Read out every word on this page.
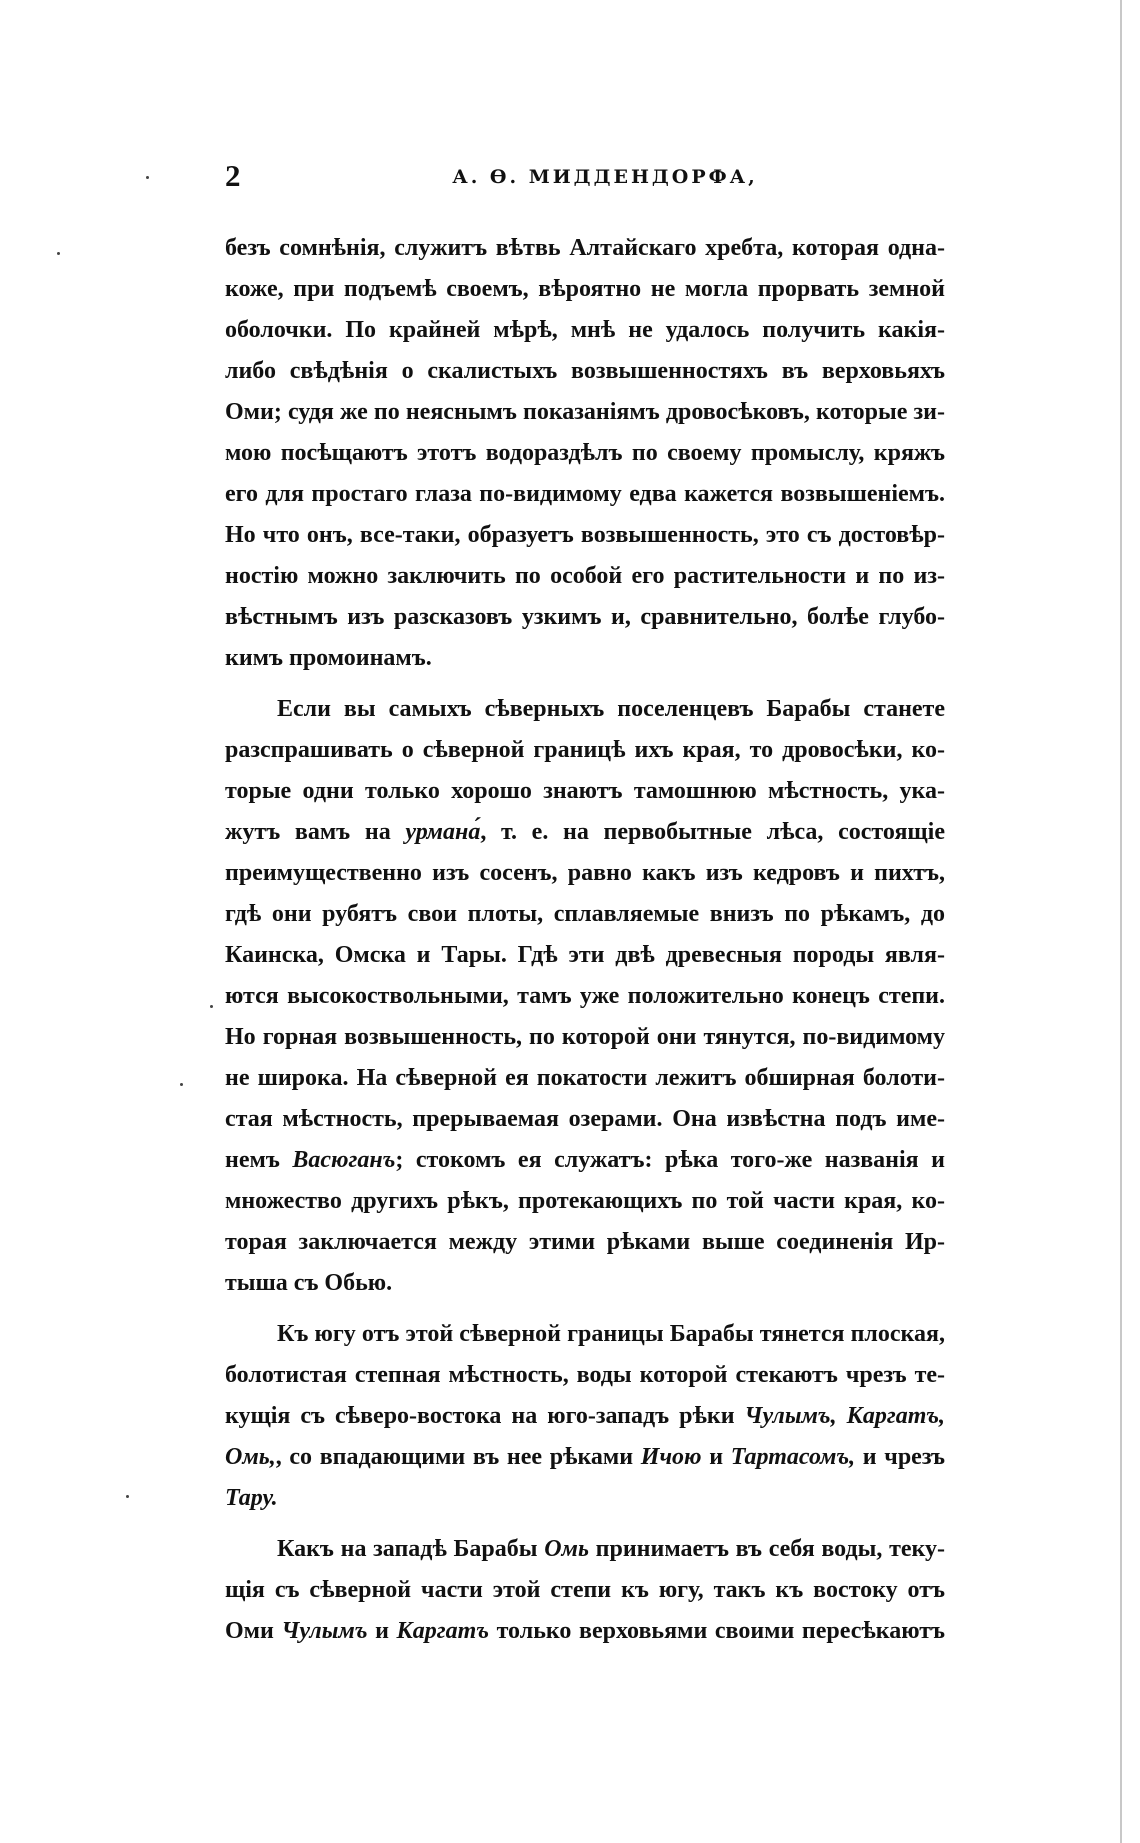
2	А. Ѳ. МИДДЕНДОРФА,

безъ сомнѣнія, служитъ вѣтвь Алтайскаго хребта, которая одна-
коже, при подъемѣ своемъ, вѣроятно не могла прорвать земной
оболочки. По крайней мѣрѣ, мнѣ не удалось получить какія-
либо свѣдѣнія о скалистыхъ возвышенностяхъ въ верховьяхъ
Оми; судя же по неяснымъ показаніямъ дровосѣковъ, которые зи-
мою посѣщаютъ этотъ водораздѣлъ по своему промыслу, кряжъ
его для простаго глаза по-видимому едва кажется возвышеніемъ.
Но что онъ, все-таки, образуетъ возвышенность, это съ достовѣр-
ностію можно заключить по особой его растительности и по из-
вѣстнымъ изъ разсказовъ узкимъ и, сравнительно, болѣе глубо-
кимъ промоинамъ.

Если вы самыхъ сѣверныхъ поселенцевъ Барабы станете
разспрашивать о сѣверной границѣ ихъ края, то дровосѣки, ко-
торые одни только хорошо знаютъ тамошнюю мѣстность, ука-
жутъ вамъ на урмана́, т. е. на первобытные лѣса, состоящіе
преимущественно изъ сосенъ, равно какъ изъ кедровъ и пихтъ,
гдѣ они рубятъ свои плоты, сплавляемые внизъ по рѣкамъ, до
Каинска, Омска и Тары. Гдѣ эти двѣ древесныя породы явля-
ются высокоствольными, тамъ уже положительно конецъ степи.
Но горная возвышенность, по которой они тянутся, по-видимому
не широка. На сѣверной ея покатости лежитъ обширная болоти-
стая мѣстность, прерываемая озерами. Она извѣстна подъ име-
немъ Васюганъ; стокомъ ея служатъ: рѣка того-же названія и
множество другихъ рѣкъ, протекающихъ по той части края, ко-
торая заключается между этими рѣками выше соединенія Ир-
тыша съ Обью.

Къ югу отъ этой сѣверной границы Барабы тянется плоская,
болотистая степная мѣстность, воды которой стекаютъ чрезъ те-
кущія съ сѣверо-востока на юго-западъ рѣки Чулымъ, Каргатъ,
Омь,, со впадающими въ нее рѣками Ичою и Тартасомъ, и чрезъ
Тару.

Какъ на западѣ Барабы Омь принимаетъ въ себя воды, теку-
щія съ сѣверной части этой степи къ югу, такъ къ востоку отъ
Оми Чулымъ и Каргатъ только верховьями своими пересѣкаютъ
